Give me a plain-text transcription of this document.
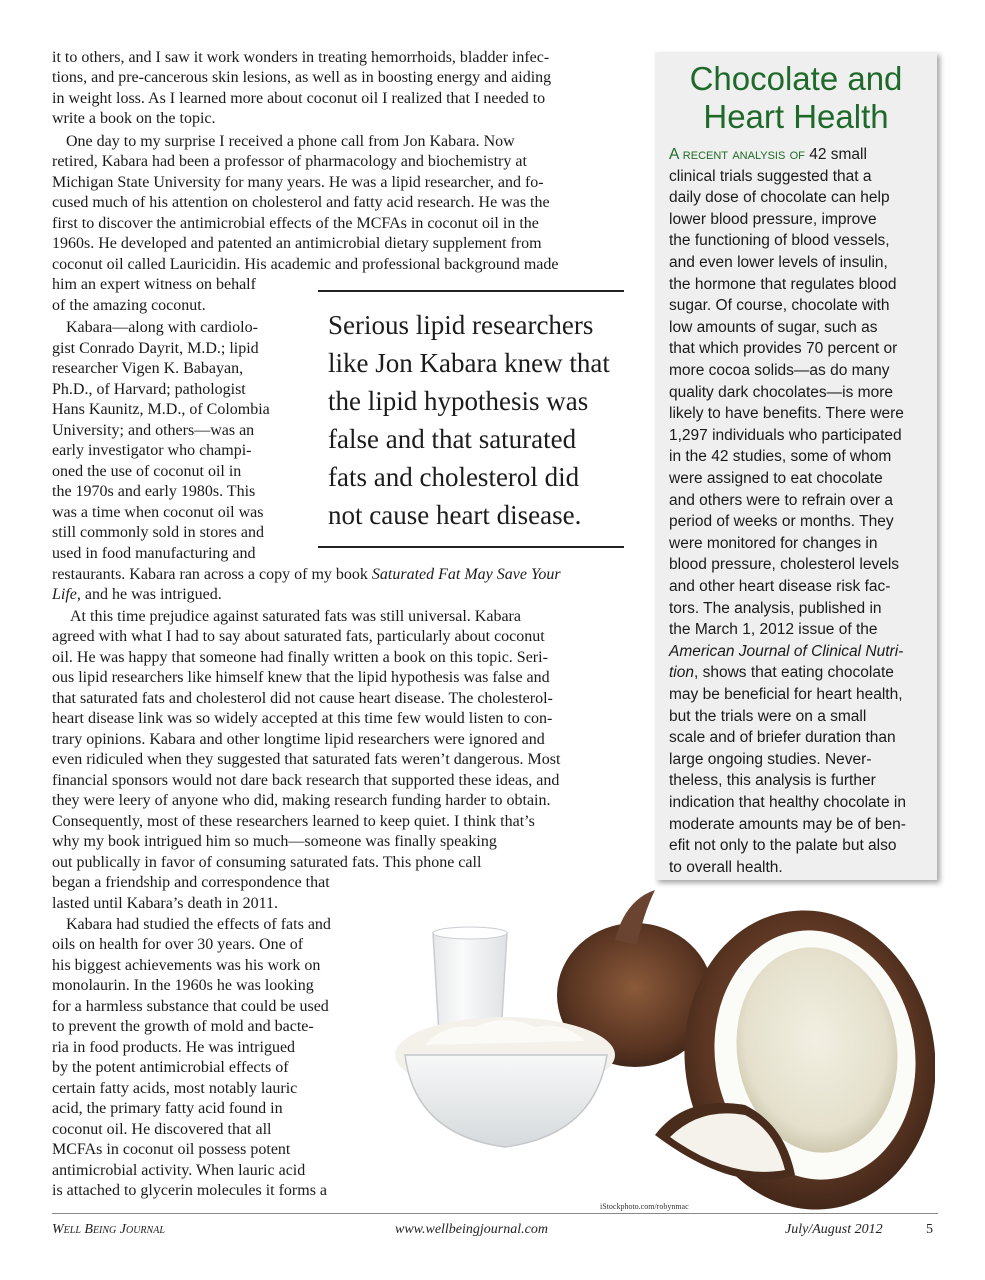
it to others, and I saw it work wonders in treating hemorrhoids, bladder infec-
tions, and pre-cancerous skin lesions, as well as in boosting energy and aiding
in weight loss. As I learned more about coconut oil I realized that I needed to
write a book on the topic.
One day to my surprise I received a phone call from Jon Kabara. Now
retired, Kabara had been a professor of pharmacology and biochemistry at
Michigan State University for many years. He was a lipid researcher, and fo-
cused much of his attention on cholesterol and fatty acid research. He was the
first to discover the antimicrobial effects of the MCFAs in coconut oil in the
1960s. He developed and patented an antimicrobial dietary supplement from
coconut oil called Lauricidin. His academic and professional background made
him an expert witness on behalf
of the amazing coconut.
Kabara—along with cardiolo-
gist Conrado Dayrit, M.D.; lipid
researcher Vigen K. Babayan,
Ph.D., of Harvard; pathologist
Hans Kaunitz, M.D., of Colombia
University; and others—was an
early investigator who champi-
oned the use of coconut oil in
the 1970s and early 1980s. This
was a time when coconut oil was
still commonly sold in stores and
used in food manufacturing and
restaurants. Kabara ran across a copy of my book Saturated Fat May Save Your
Life, and he was intrigued.
At this time prejudice against saturated fats was still universal. Kabara
agreed with what I had to say about saturated fats, particularly about coconut
oil. He was happy that someone had finally written a book on this topic. Seri-
ous lipid researchers like himself knew that the lipid hypothesis was false and
that saturated fats and cholesterol did not cause heart disease. The cholesterol-
heart disease link was so widely accepted at this time few would listen to con-
trary opinions. Kabara and other longtime lipid researchers were ignored and
even ridiculed when they suggested that saturated fats weren’t dangerous. Most
financial sponsors would not dare back research that supported these ideas, and
they were leery of anyone who did, making research funding harder to obtain.
Consequently, most of these researchers learned to keep quiet. I think that’s
why my book intrigued him so much—someone was finally speaking
out publically in favor of consuming saturated fats. This phone call
began a friendship and correspondence that
lasted until Kabara’s death in 2011.
Kabara had studied the effects of fats and
oils on health for over 30 years. One of
his biggest achievements was his work on
monolaurin. In the 1960s he was looking
for a harmless substance that could be used
to prevent the growth of mold and bacte-
ria in food products. He was intrigued
by the potent antimicrobial effects of
certain fatty acids, most notably lauric
acid, the primary fatty acid found in
coconut oil. He discovered that all
MCFAs in coconut oil possess potent
antimicrobial activity. When lauric acid
is attached to glycerin molecules it forms a
Serious lipid researchers
like Jon Kabara knew that
the lipid hypothesis was
false and that saturated
fats and cholesterol did
not cause heart disease.
Chocolate and
Heart Health
A recent analysis of 42 small
clinical trials suggested that a
daily dose of chocolate can help
lower blood pressure, improve
the functioning of blood vessels,
and even lower levels of insulin,
the hormone that regulates blood
sugar. Of course, chocolate with
low amounts of sugar, such as
that which provides 70 percent or
more cocoa solids—as do many
quality dark chocolates—is more
likely to have benefits. There were
1,297 individuals who participated
in the 42 studies, some of whom
were assigned to eat chocolate
and others were to refrain over a
period of weeks or months. They
were monitored for changes in
blood pressure, cholesterol levels
and other heart disease risk fac-
tors. The analysis, published in
the March 1, 2012 issue of the
American Journal of Clinical Nutri-
tion, shows that eating chocolate
may be beneficial for heart health,
but the trials were on a small
scale and of briefer duration than
large ongoing studies. Never-
theless, this analysis is further
indication that healthy chocolate in
moderate amounts may be of ben-
efit not only to the palate but also
to overall health.
iStockphoto.com/robynmac
Well Being Journal	www.wellbeingjournal.com	July/August 2012	5
